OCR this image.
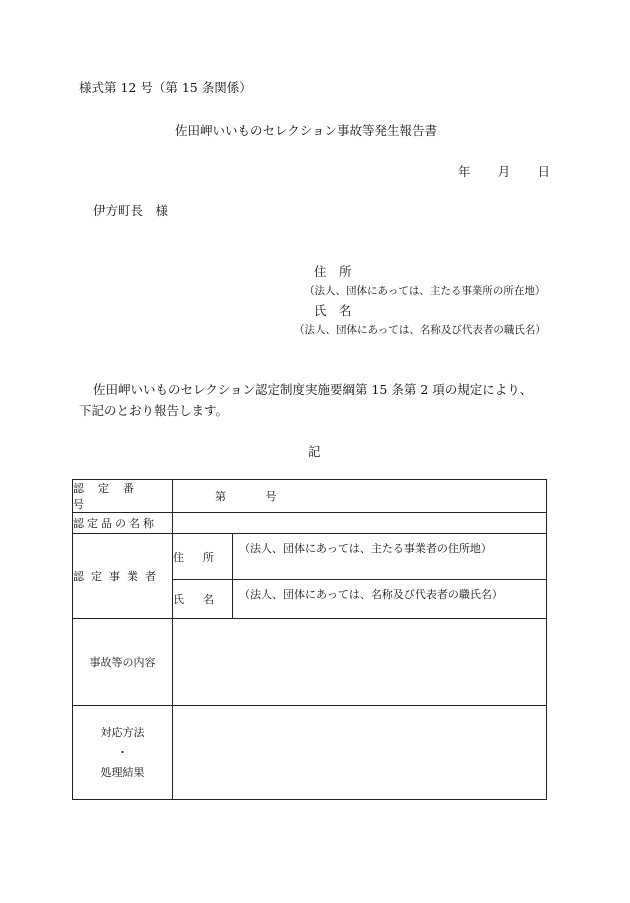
様式第 12 号（第 15 条関係）
佐田岬いいものセレクション事故等発生報告書
年 月 日
伊方町長　様
住　所
（法人、団体にあっては、主たる事業所の所在地）
氏　名
（法人、団体にあっては、名称及び代表者の職氏名）
佐田岬いいものセレクション認定制度実施要綱第 15 条第 2 項の規定により、
下記のとおり報告します。
記
認定番号	第 号	
認定品の名称		
認定事業者	住　所	（法人、団体にあっては、主たる事業者の住所地）
	氏　名	（法人、団体にあっては、名称及び代表者の職氏名）
事故等の内容		

対応方法
・
処理結果		
